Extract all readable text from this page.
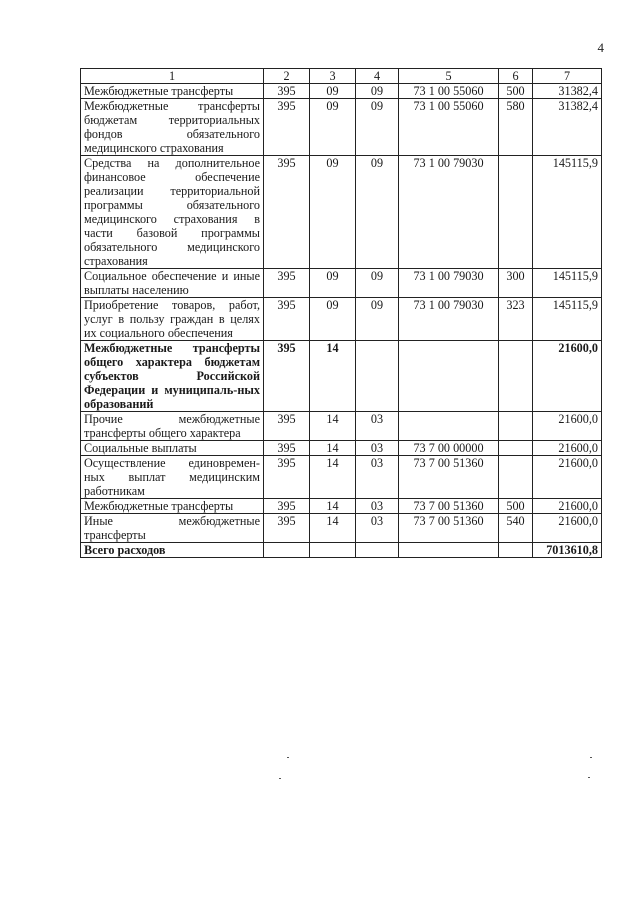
4
1	2	3	4	5	6	7
Межбюджетные трансферты	395	09	09	73 1 00 55060	500	31382,4
Межбюджетные трансферты бюджетам территориальных фондов обязательного медицинского страхования	395	09	09	73 1 00 55060	580	31382,4
Средства на дополнительное финансовое обеспечение реализации территориальной программы обязательного медицинского страхования в части базовой программы обязательного медицинского страхования	395	09	09	73 1 00 79030		145115,9
Социальное обеспечение и иные выплаты населению	395	09	09	73 1 00 79030	300	145115,9
Приобретение товаров, работ, услуг в пользу граждан в целях их социального обеспечения	395	09	09	73 1 00 79030	323	145115,9
Межбюджетные трансферты общего характера бюджетам субъектов Российской Федерации и муниципаль-ных образований	395	14				21600,0
Прочие межбюджетные трансферты общего характера	395	14	03			21600,0
Социальные выплаты	395	14	03	73 7 00 00000		21600,0
Осуществление единовремен-ных выплат медицинским работникам	395	14	03	73 7 00 51360		21600,0
Межбюджетные трансферты	395	14	03	73 7 00 51360	500	21600,0
Иные межбюджетные трансферты	395	14	03	73 7 00 51360	540	21600,0
Всего расходов						7013610,8
